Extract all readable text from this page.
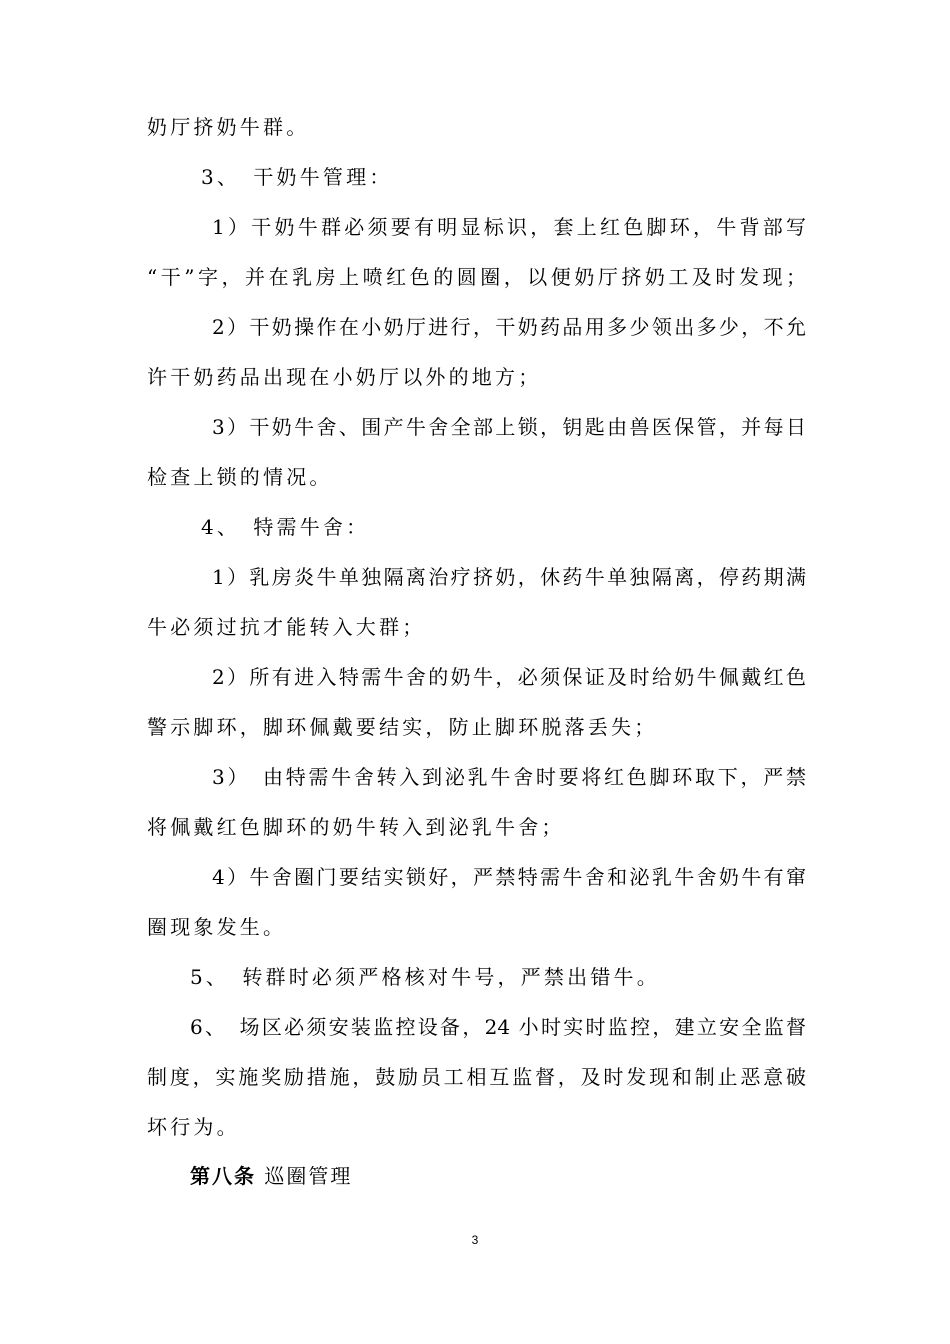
奶厅挤奶牛群。
3、　干奶牛管理：
1）干奶牛群必须要有明显标识，套上红色脚环，牛背部写
“干”字，并在乳房上喷红色的圆圈，以便奶厅挤奶工及时发现；
2）干奶操作在小奶厅进行，干奶药品用多少领出多少，不允
许干奶药品出现在小奶厅以外的地方；
3）干奶牛舍、围产牛舍全部上锁，钥匙由兽医保管，并每日
检查上锁的情况。
4、　特需牛舍：
1）乳房炎牛单独隔离治疗挤奶，休药牛单独隔离，停药期满
牛必须过抗才能转入大群；
2）所有进入特需牛舍的奶牛，必须保证及时给奶牛佩戴红色
警示脚环，脚环佩戴要结实，防止脚环脱落丢失；
3）　由特需牛舍转入到泌乳牛舍时要将红色脚环取下，严禁
将佩戴红色脚环的奶牛转入到泌乳牛舍；
4）牛舍圈门要结实锁好，严禁特需牛舍和泌乳牛舍奶牛有窜
圈现象发生。
5、　转群时必须严格核对牛号，严禁出错牛。
6、　场区必须安装监控设备，24 小时实时监控，建立安全监督
制度，实施奖励措施，鼓励员工相互监督，及时发现和制止恶意破
坏行为。
第八条 巡圈管理
3
